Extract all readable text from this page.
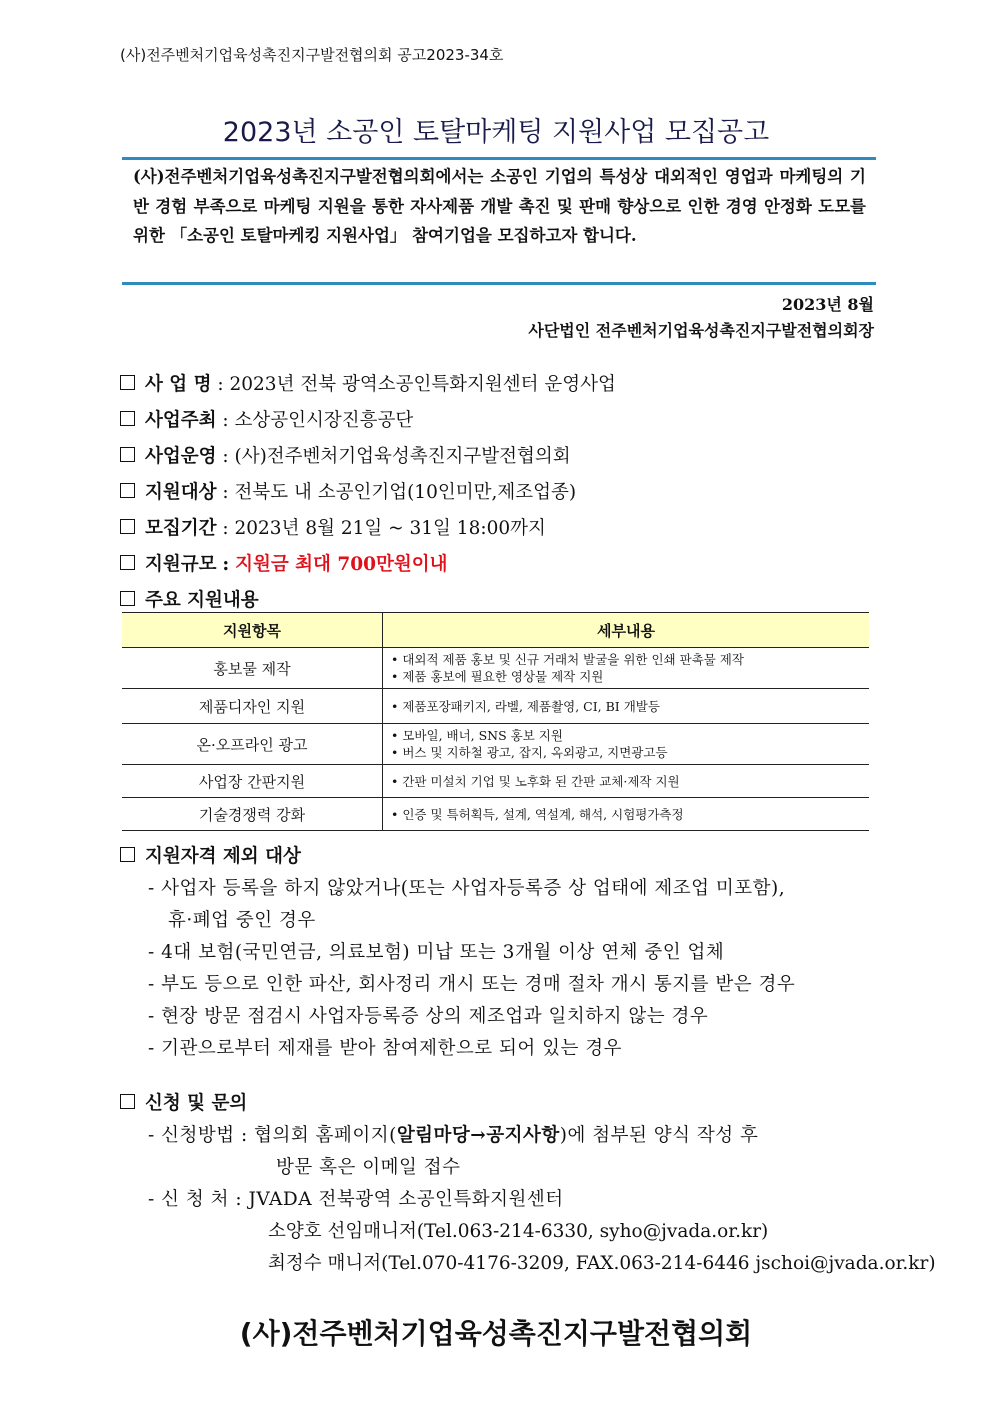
(사)전주벤처기업육성촉진지구발전협의회 공고2023-34호
2023년 소공인 토탈마케팅 지원사업 모집공고
(사)전주벤처기업육성촉진지구발전협의회에서는 소공인 기업의 특성상 대외적인 영업과 마케팅의 기반 경험 부족으로 마케팅 지원을 통한 자사제품 개발 촉진 및 판매 향상으로 인한 경영 안정화 도모를 위한 「소공인 토탈마케킹 지원사업」 참여기업을 모집하고자 합니다.
2023년 8월
사단법인 전주벤처기업육성촉진지구발전협의회장
사 업 명 : 2023년 전북 광역소공인특화지원센터 운영사업
사업주최 : 소상공인시장진흥공단
사업운영 : (사)전주벤처기업육성촉진지구발전협의회
지원대상 : 전북도 내 소공인기업(10인미만,제조업종)
모집기간 : 2023년 8월 21일 ~ 31일 18:00까지
지원규모 : 지원금 최대 700만원이내
주요 지원내용
지원항목	세부내용
홍보물 제작	• 대외적 제품 홍보 및 신규 거래처 발굴을 위한 인쇄 판촉물 제작
• 제품 홍보에 필요한 영상물 제작 지원

제품디자인 지원	• 제품포장패키지, 라벨, 제품촬영, CI, BI 개발등

온·오프라인 광고	• 모바일, 배너, SNS 홍보 지원
• 버스 및 지하철 광고, 잡지, 옥외광고, 지면광고등

사업장 간판지원	• 간판 미설치 기업 및 노후화 된 간판 교체·제작 지원

기술경쟁력 강화	• 인증 및 특허획득, 설계, 역설계, 해석, 시험평가측정
지원자격 제외 대상
- 사업자 등록을 하지 않았거나(또는 사업자등록증 상 업태에 제조업 미포함),
휴·폐업 중인 경우
- 4대 보험(국민연금, 의료보험) 미납 또는 3개월 이상 연체 중인 업체
- 부도 등으로 인한 파산, 회사정리 개시 또는 경매 절차 개시 통지를 받은 경우
- 현장 방문 점검시 사업자등록증 상의 제조업과 일치하지 않는 경우
- 기관으로부터 제재를 받아 참여제한으로 되어 있는 경우
신청 및 문의
- 신청방법 : 협의회 홈페이지(알림마당→공지사항)에 첨부된 양식 작성 후
방문 혹은 이메일 접수
- 신 청 처 : JVADA 전북광역 소공인특화지원센터
소양호 선임매니저(Tel.063-214-6330, syho@jvada.or.kr)
최정수 매니저(Tel.070-4176-3209, FAX.063-214-6446 jschoi@jvada.or.kr)
(사)전주벤처기업육성촉진지구발전협의회
